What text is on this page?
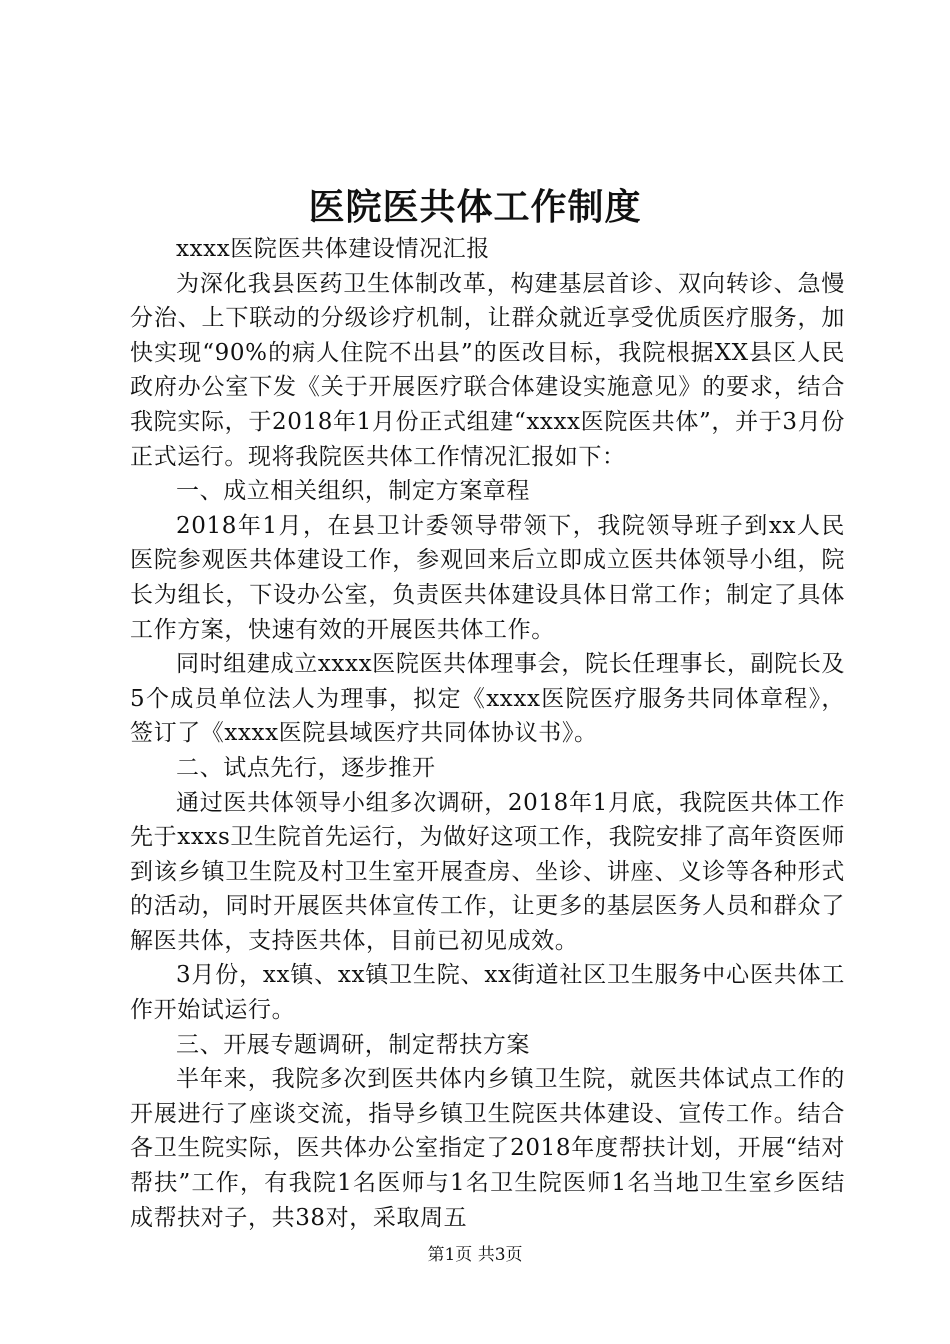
医院医共体工作制度

xxxx医院医共体建设情况汇报

为深化我县医药卫生体制改革，构建基层首诊、双向转诊、急慢分治、上下联动的分级诊疗机制，让群众就近享受优质医疗服务，加快实现“90%的病人住院不出县”的医改目标，我院根据XX县区人民政府办公室下发《关于开展医疗联合体建设实施意见》的要求，结合我院实际，于2018年1月份正式组建“xxxx医院医共体”，并于3月份正式运行。现将我院医共体工作情况汇报如下：

一、成立相关组织，制定方案章程

2018年1月，在县卫计委领导带领下，我院领导班子到xx人民医院参观医共体建设工作，参观回来后立即成立医共体领导小组，院长为组长，下设办公室，负责医共体建设具体日常工作；制定了具体工作方案，快速有效的开展医共体工作。

同时组建成立xxxx医院医共体理事会，院长任理事长，副院长及5个成员单位法人为理事，拟定《xxxx医院医疗服务共同体章程》，签订了《xxxx医院县域医疗共同体协议书》。

二、试点先行，逐步推开

通过医共体领导小组多次调研，2018年1月底，我院医共体工作先于xxxs卫生院首先运行，为做好这项工作，我院安排了高年资医师到该乡镇卫生院及村卫生室开展查房、坐诊、讲座、义诊等各种形式的活动，同时开展医共体宣传工作，让更多的基层医务人员和群众了解医共体，支持医共体，目前已初见成效。

3月份，xx镇、xx镇卫生院、xx街道社区卫生服务中心医共体工作开始试运行。

三、开展专题调研，制定帮扶方案

半年来，我院多次到医共体内乡镇卫生院，就医共体试点工作的开展进行了座谈交流，指导乡镇卫生院医共体建设、宣传工作。结合各卫生院实际，医共体办公室指定了2018年度帮扶计划，开展“结对帮扶”工作，有我院1名医师与1名卫生院医师1名当地卫生室乡医结成帮扶对子，共38对，采取周五

第1页 共3页
